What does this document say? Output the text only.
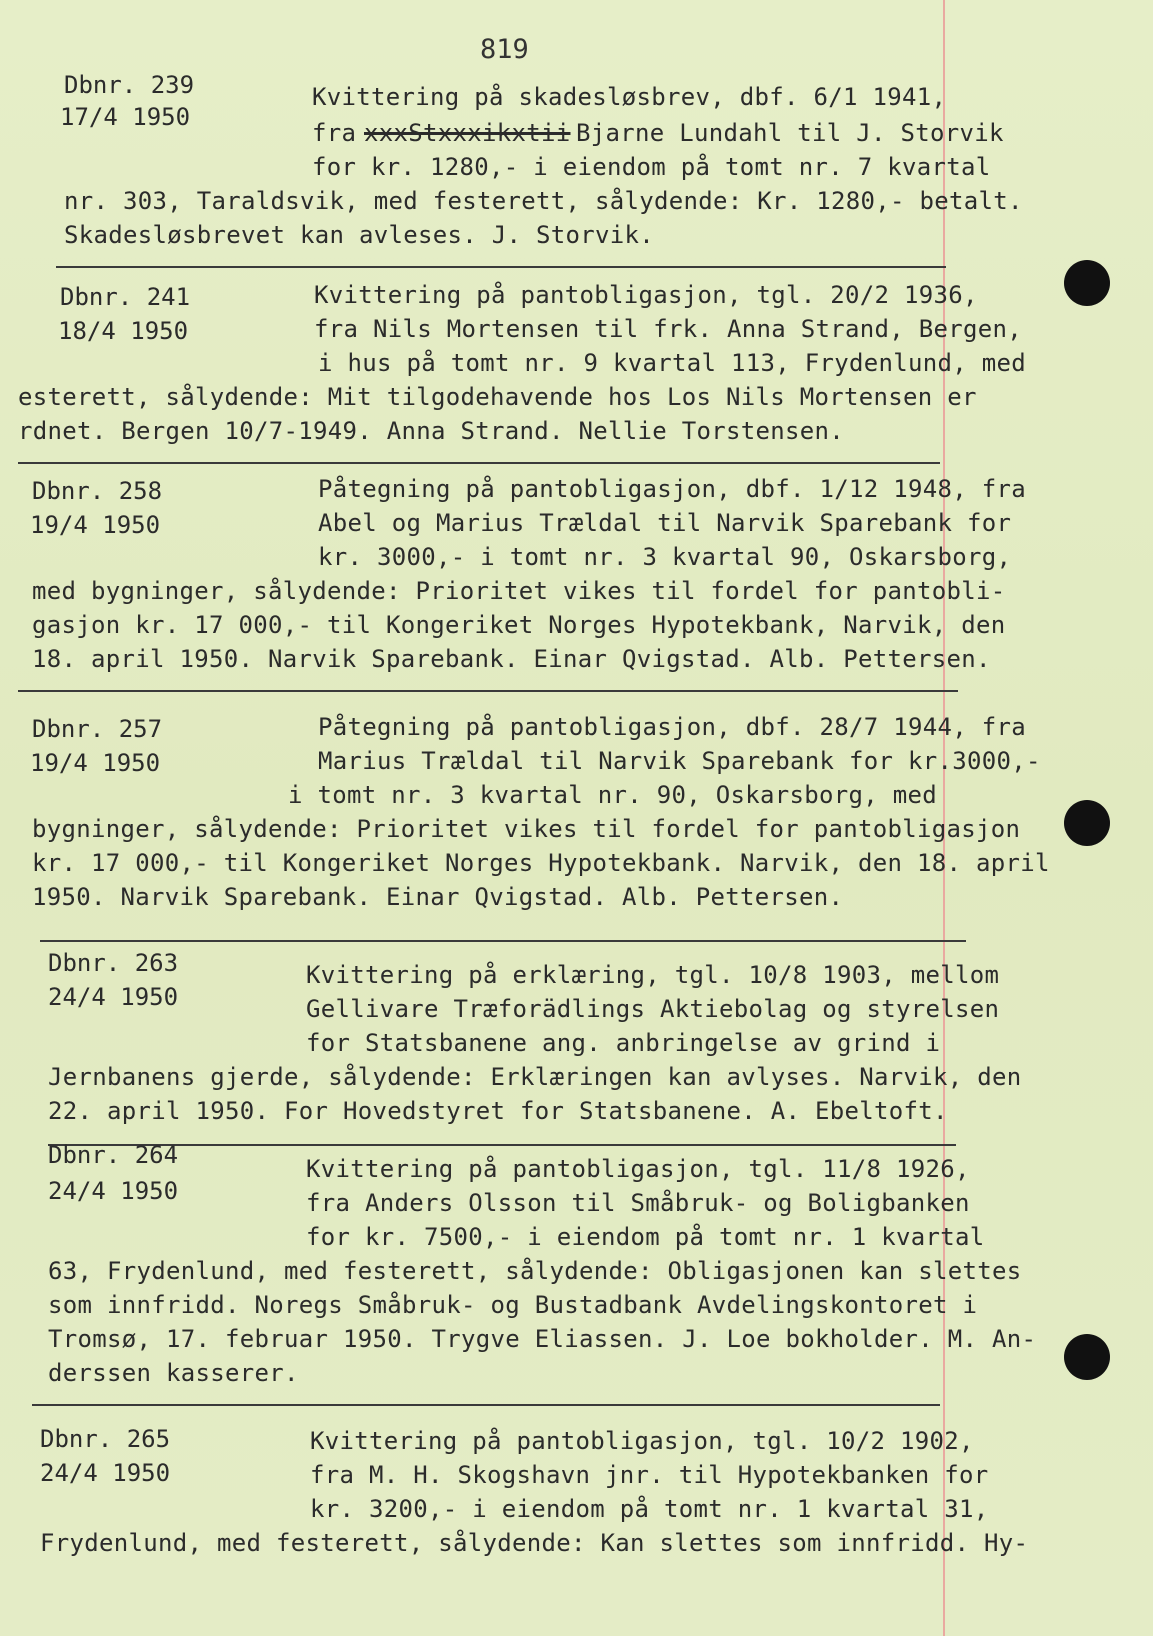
819
Dbnr. 239
17/4 1950
Kvittering på skadesløsbrev, dbf. 6/1 1941,
fra xxxStxxxikxtii Bjarne Lundahl til J. Storvik
for kr. 1280,- i eiendom på tomt nr. 7 kvartal
nr. 303, Taraldsvik, med festerett, sålydende: Kr. 1280,- betalt.
Skadesløsbrevet kan avleses. J. Storvik.
Dbnr. 241
18/4 1950
Kvittering på pantobligasjon, tgl. 20/2 1936,
fra Nils Mortensen til frk. Anna Strand, Bergen,
i hus på tomt nr. 9 kvartal 113, Frydenlund, med
esterett, sålydende: Mit tilgodehavende hos Los Nils Mortensen er
rdnet. Bergen 10/7-1949. Anna Strand. Nellie Torstensen.
Dbnr. 258
19/4 1950
Påtegning på pantobligasjon, dbf. 1/12 1948, fra
Abel og Marius Trældal til Narvik Sparebank for
kr. 3000,- i tomt nr. 3 kvartal 90, Oskarsborg,
med bygninger, sålydende: Prioritet vikes til fordel for pantobli-
gasjon kr. 17 000,- til Kongeriket Norges Hypotekbank, Narvik, den
18. april 1950. Narvik Sparebank. Einar Qvigstad. Alb. Pettersen.
Dbnr. 257
19/4 1950
Påtegning på pantobligasjon, dbf. 28/7 1944, fra
Marius Trældal til Narvik Sparebank for kr.3000,-
i tomt nr. 3 kvartal nr. 90, Oskarsborg, med
bygninger, sålydende: Prioritet vikes til fordel for pantobligasjon
kr. 17 000,- til Kongeriket Norges Hypotekbank. Narvik, den 18. april
1950. Narvik Sparebank. Einar Qvigstad. Alb. Pettersen.
Dbnr. 263
24/4 1950
Kvittering på erklæring, tgl. 10/8 1903, mellom
Gellivare Træforädlings Aktiebolag og styrelsen
for Statsbanene ang. anbringelse av grind i
Jernbanens gjerde, sålydende: Erklæringen kan avlyses. Narvik, den
22. april 1950. For Hovedstyret for Statsbanene. A. Ebeltoft.
Dbnr. 264
24/4 1950
Kvittering på pantobligasjon, tgl. 11/8 1926,
fra Anders Olsson til Småbruk- og Boligbanken
for kr. 7500,- i eiendom på tomt nr. 1 kvartal
63, Frydenlund, med festerett, sålydende: Obligasjonen kan slettes
som innfridd. Noregs Småbruk- og Bustadbank Avdelingskontoret i
Tromsø, 17. februar 1950. Trygve Eliassen. J. Loe bokholder. M. An-
derssen kasserer.
Dbnr. 265
24/4 1950
Kvittering på pantobligasjon, tgl. 10/2 1902,
fra M. H. Skogshavn jnr. til Hypotekbanken for
kr. 3200,- i eiendom på tomt nr. 1 kvartal 31,
Frydenlund, med festerett, sålydende: Kan slettes som innfridd. Hy-
